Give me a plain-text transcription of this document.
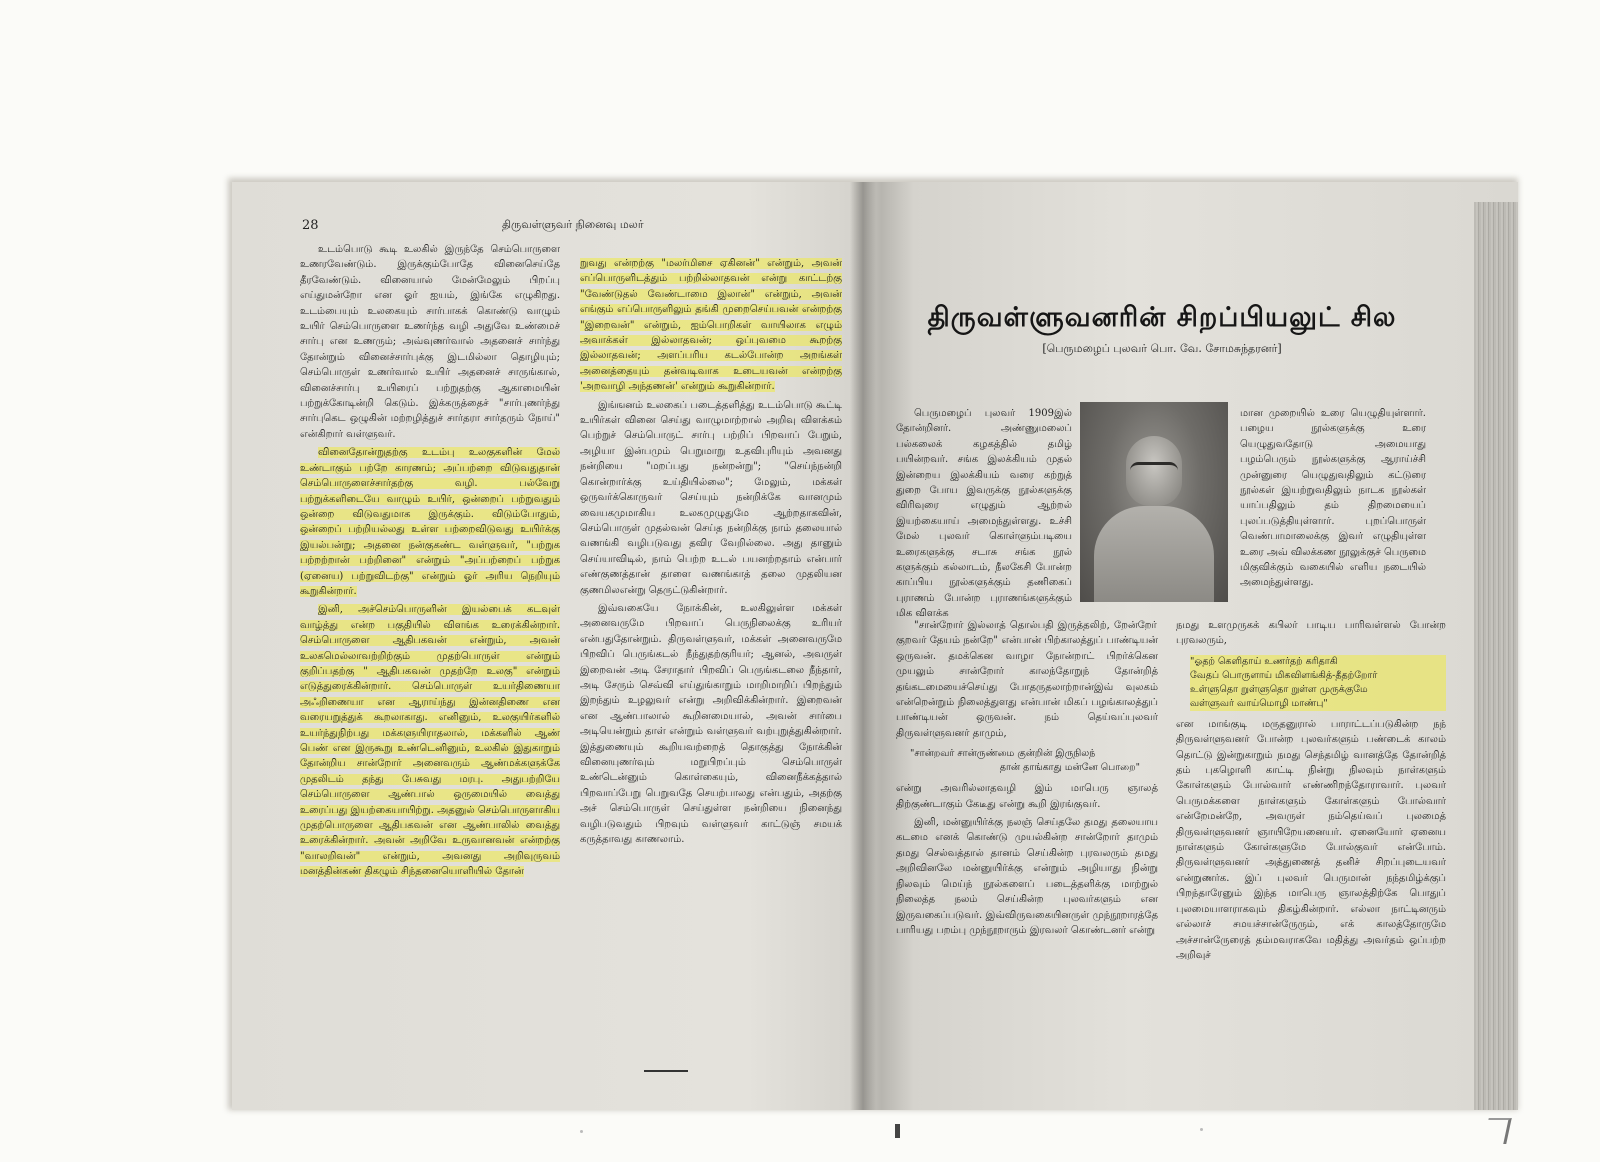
28	திருவள்ளுவர் நினைவு மலர்

உடம்பொடு கூடி உலகில் இருந்தே செம்பொருளை உணரவேண்டும். இருக்கும்போதே வினைசெய்தே தீரவேண்டும். வினையால் மேன்மேலும் பிறப்பு எய்துமன்றோ என ஓர் ஐயம், இங்கே எழுகிறது. உடம்பையும் உலகையும் சார்பாகக் கொண்டு வாழும் உயிர் செம்பொருளை உணர்ந்த வழி அதுவே உண்மைச் சார்பு என உணரும்; அவ்வுணர்வால் அதனைச் சார்ந்து தோன்றும் வினைச்சார்புக்கு இடமில்லா தொழியும்; செம்பொருள் உணர்வால் உயிர் அதனைச் சாருங்கால், வினைச்சார்பு உயிரைப் பற்றுதற்கு ஆகாமையின் பற்றுக்கோடின்றி கெடும். இக்கருத்தைச் "சார்புணர்ந்து சார்புகெட ஒழுகின் மற்றழித்துச் சார்தரா சார்தரும் நோய்" என்கிறார் வள்ளுவர்.

வினைதோன்றுதற்கு உடம்பு உலகுகளின் மேல் உண்டாகும் பற்றே காரணம்; அப்பற்றை விடுவதுதான் செம்பொருளைச்சார்தற்கு வழி. பல்வேறு பற்றுக்களிடையே வாழும் உயிர், ஒன்றைப் பற்றுவதும் ஒன்றை விடுவதுமாக இருக்கும். விடும்போதும், ஒன்றைப் பற்றியல்லது உள்ள பற்றைவிடுவது உயிர்க்கு இயல்பன்று; அதனை நன்குகண்ட வள்ளுவர், "பற்றுக பற்றற்றான் பற்றினை" என்றும் "அப்பற்றைப் பற்றுக (ஏனைய) பற்றுவிடற்கு" என்றும் ஓர் அரிய நெறியும் கூறுகின்றார்.

இனி, அச்செம்பொருளின் இயல்பைக் கடவுள் வாழ்த்து என்ற பகுதியில் விளங்க உரைக்கின்றார். செம்பொருளை ஆதிபகவன் என்றும், அவன் உலகமெல்லாவற்றிற்கும் முதற்பொருள் என்றும் குறிப்பதற்கு " ஆதிபகவன் முதற்றே உலகு" என்றும் எடுத்துரைக்கின்றார். செம்பொருள் உயர்திணையா அஃறிணையா என ஆராய்ந்து இன்னதிணை என வரையறுத்துக் கூறலாகாது. எனினும், உலகுயிர்களில் உயர்ந்துநிற்பது மக்களுயிராதலால், மக்களில் ஆண் பெண் என இருகூறு உண்டெனினும், உலகில் இதுகாறும் தோன்றிய சான்றோர் அனைவரும் ஆண்மக்களுக்கே முதலிடம் தந்து பேசுவது மரபு. அதுபற்றியே செம்பொருளை ஆண்பால் ஒருமையில் வைத்து உரைப்பது இயற்கையாயிற்று. அதனுல் செம்பொருளாகிய முதற்பொருளை ஆதிபகவன் என ஆண்பாலில் வைத்து உரைக்கின்றார். அவன் அறிவே உருவானவன் என்றற்கு "வாலறிவன்" என்றும், அவனது அறிவுருவம் மனத்தின்கண் திகழும் சிந்தனையொளியில் தோன்

றுவது என்றற்கு "மலர்மிசை ஏகினன்" என்றும், அவன் எப்பொருளிடத்தும் பற்றில்லாதவன் என்று காட்டற்கு "வேண்டுதல் வேண்டாமை இலான்" என்றும், அவன் எங்கும் எப்பொருளிலும் தங்கி முறைசெய்பவன் என்றற்கு "இறைவன்" என்றும், ஐம்பொறிகள் வாயிலாக எழும் அவாக்கள் இல்லாதவன்; ஒப்புவமை கூறற்கு இல்லாதவன்; அளப்பரிய கடல்போன்ற அறங்கள் அனைத்தையும் தன்வடிவாக உடையவன் என்றற்கு 'அறவாழி அந்தணன்' என்றும் கூறுகின்றார்.

இங்ஙனம் உலகைப் படைத்தளித்து உடம்பொடு கூட்டி உயிர்கள் வினை செய்து வாழுமாற்றால் அறிவு விளக்கம் பெற்றுச் செம்பொருட் சார்பு பற்றிப் பிறவாப் பேறும், அழியா இன்பமும் பெறுமாறு உதவிபுரியும் அவனது நன்றியை "மறப்பது நன்றன்று"; "செய்ந்நன்றி கொன்றார்க்கு உய்தியில்லை"; மேலும், மக்கள் ஒருவர்க்கொருவர் செய்யும் நன்றிக்கே வானமும் வையகமுமாகிய உலகமுழுதுமே ஆற்றதாகவின், செம்பொருள் முதல்வன் செய்த நன்றிக்கு நாம் தலையால் வணங்கி வழிபடுவது தவிர வேறில்லை. அது தானும் செய்யாவிடில், நாம் பெற்ற உடல் பயனற்றதாம் என்பார் எண்குணத்தான் தாளை வணங்காத் தலை முதலியன குணமிலஎன்று தெருட்டுகின்றார்.

இவ்வகையே நோக்கின், உலகிலுள்ள மக்கள் அனைவருமே பிறவாப் பெருநிலைக்கு உரியர் என்பதுதோன்றும். திருவள்ளுவர், மக்கள் அனைவருமே பிறவிப் பெருங்கடல் நீந்துதற்குரியர்; ஆனல், அவருள் இறைவன் அடி சேராதார் பிறவிப் பெருங்கடலை நீந்தார், அடி சேரும் செவ்வி எய்துங்காறும் மாறிமாறிப் பிறந்தும் இறந்தும் உழலுவர் என்று அறிவிக்கின்றார். இறைவன் என ஆண்பாலால் கூறினமையால், அவன் சார்பை அடியென்றும் தாள் என்றும் வள்ளுவர் வற்புறுத்துகின்றார். இத்துணையும் கூறியவற்றைத் தொகுத்து நோக்கின் வினையுணர்வும் மறுபிறப்பும் செம்பொருள் உண்டென்னும் கொள்கையும், வினைநீக்கத்தால் பிறவாப்பேறு பெறுவதே செயற்பாலது என்பதும், அதற்கு அச் செம்பொருள் செய்துள்ள நன்றியை நினைந்து வழிபடுவதும் பிறவும் வள்ளுவர் காட்டுஞ் சமயக் கருத்தாவது காணலாம்.

திருவள்ளுவனரின் சிறப்பியலுட் சில
[பெருமழைப் புலவர் பொ. வே. சோமசுந்தரனர்]

பெருமழைப் புலவர் 1909இல் தோன்றினர். அண்ணுமலைப் பல்கலைக் கழகத்தில் தமிழ் பயின்றவர். சங்க இலக்கியம் முதல் இன்றைய இலக்கியம் வரை கற்றுத் துறை போய இவருக்கு நூல்களுக்கு விரிவுரை எழுதும் ஆற்றல் இயற்கையாய் அமைந்துள்ளது. உச்சி மேல் புலவர் கொள்ளும்படியை உரைகளுக்கு சடாசு சங்க நூல் களுக்கும் கல்லாடம், நீலகேசி போன்ற காப்பிய நூல்களுக்கும் தணிகைப் புராணம் போன்ற புராணங்களுக்கும் மிக விளக்க

மான முறையில் உரை யெழுதியுள்ளார். பழைய நூல்களுக்கு உரை யெழுதுவதோடு அமையாது பழம்பெரும் நூல்களுக்கு ஆராய்ச்சி முன்னுரை யெழுதுவதிலும் கட்டுரை நூல்கள் இயற்றுவதிலும் நாடக நூல்கள் யாப்பதிலும் தம் திறமையைப் புலப்படுத்தியுள்ளார். புறப்பொருள் வெண்பாமாலைக்கு இவர் எழுதியுள்ள உரை அவ் விலக்கண நூலுக்குச் பெருமை மிகுவிக்கும் வகையில் எளிய நடையில் அமைந்துள்ளது.

"சான்றோர் இல்லாத் தொல்பதி இருத்தலிற், றேன்றோ் குறவர் தேயம் நன்றே" என்பான் பிற்காலத்துப் பாண்டியன் ஒருவன். தமக்கென வாழா நோன்றாட் பிறர்க்கென முயலும் சான்றோர் காலந்தோறுந் தோன்றித் தங்கடமையைச்செய்து போதருதலாற்றான்இவ் வுலகம் என்றென்றும் நிலைத்துளது என்பான் மிகப் பழங்காலத்துப் பாண்டியன் ஒருவன். நம் தெய்வப்புலவர் திருவள்ளுவனர் தாமும்,

"சான்றவர் சான்ருண்மை குன்றின் இருநிலந்
தான் தாங்காது மன்னே பொறை"

என்று அவரில்லாதவழி இம் மாபெரு ஞாலத் திற்குண்டாகும் கேடீது என்று கூறி இரங்குவர்.

இனி, மன்னுயிர்க்கு நலஞ் செய்தலே தமது தலையாய கடமை எனக் கொண்டு முயல்கின்ற சான்றோர் தாமும் தமது செல்வத்தால் தானம் செய்கின்ற புரவலரும் தமது அறிவினலே மன்னுயிர்க்கு என்றும் அழியாது நின்று நிலவும் மெய்ந் நூல்களைப் படைத்தளிக்கு மாற்றுல் நிலைத்த நலம் செய்கின்ற புலவர்களும் என இருவகைப்படுவர். இவ்விருவகையினருள் முந்நூறாரத்தே பாரியது பறம்பு முந்நூறாரும் இரவலர் கொண்டனர் என்று

நமது உளமுருகக் கபிலர் பாடிய பாரிவள்ளல் போன்ற புரவலரும்,

"ஓதற் கெளிதாய் உணர்தற் கரிதாகி
வேதப் பொருளாய் மிகவிளங்கித்-தீதற்றோர்
உள்ளுதொ றுள்ளுதொ றுள்ள முருக்குமே
வள்ளுவர் வாய்மொழி மாண்பு"

என மாங்குடி மருதனுரால் பாராட்டப்படுகின்ற நந் திருவள்ளுவனர் போன்ற புலவர்களும் பண்டைக் காலம் தொட்டு இன்றுகாறும் நமது செந்தமிழ் வானத்தே தோன்றித் தம் புகழொளி காட்டி நின்று நிலவும் நாள்களும் கோள்களும் போல்வார் எண்ணிறந்தோராவார். புலவர் பெருமக்களை நாள்களும் கோள்களும் போல்வார் என்றேமன்றே, அவருள் நம்தெய்வப் புலமைத் திருவள்ளுவனர் ஞாயிறேயனையர். ஏனையோர் ஏனைய நாள்களும் கோள்களுமே போல்குவர் என்போம். திருவள்ளுவனர் அத்துணைத் தனிச் சிறப்புடையவர் என்றுணர்க. இப் புலவர் பெருமான் நந்தமிழ்க்குப் பிறந்தாரேனும் இந்த மாபெரு ஞாலத்திற்கே பொதுப் புலமையாளராகவும் திகழ்கின்றார். எல்லா நாட்டினரும் எல்லாச் சமயச்சான்ருேரும், எக் காலத்தோருமே அச்சான்ருேரைத் தம்மவராகவே மதித்து அவர்தம் ஒப்பற்ற அறிவுச்
